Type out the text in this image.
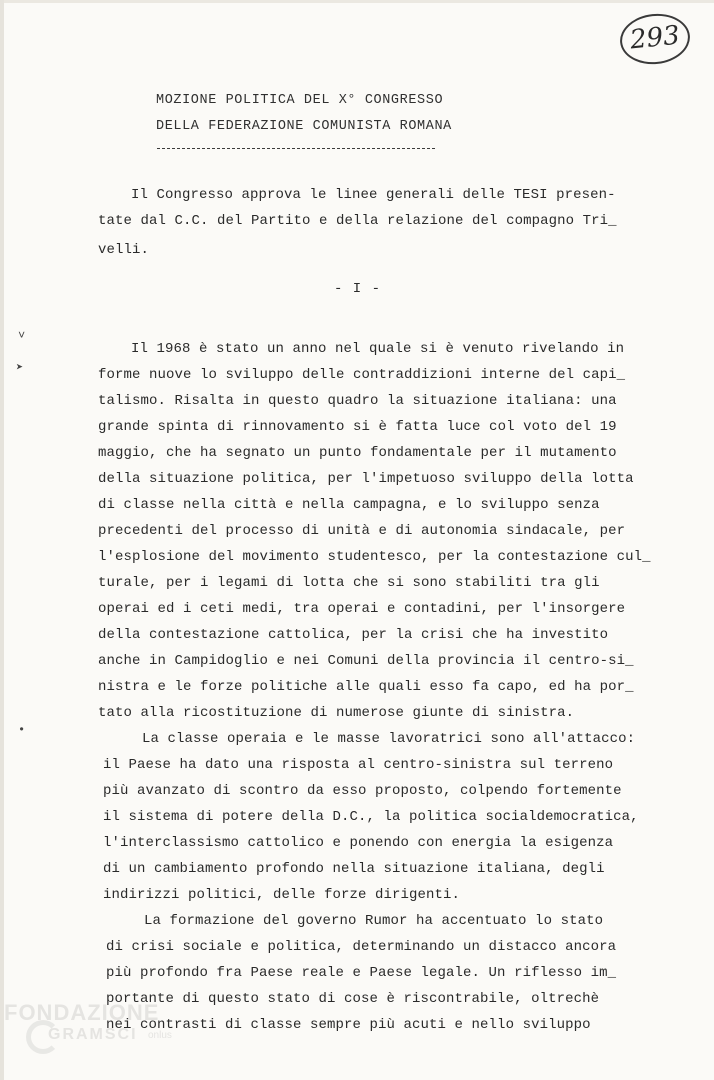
293
MOZIONE POLITICA DEL X° CONGRESSO
DELLA FEDERAZIONE COMUNISTA ROMANA
Il Congresso approva le linee generali delle TESI presen-
tate dal C.C. del Partito e della relazione del compagno Tri_
velli.
- I -
˅
➤
•
Il 1968 è stato un anno nel quale si è venuto rivelando in
forme nuove lo sviluppo delle contraddizioni interne del capi_
talismo. Risalta in questo quadro la situazione italiana: una
grande spinta di rinnovamento si è fatta luce col voto del 19
maggio, che ha segnato un punto fondamentale per il mutamento
della situazione politica, per l'impetuoso sviluppo della lotta
di classe nella città e nella campagna, e lo sviluppo senza
precedenti del processo di unità e di autonomia sindacale, per
l'esplosione del movimento studentesco, per la contestazione cul_
turale, per i legami di lotta che si sono stabiliti tra gli
operai ed i ceti medi, tra operai e contadini, per l'insorgere
della contestazione cattolica, per la crisi che ha investito
anche in Campidoglio e nei Comuni della provincia il centro-si_
nistra e le forze politiche alle quali esso fa capo, ed ha por_
tato alla ricostituzione di numerose giunte di sinistra.
La classe operaia e le masse lavoratrici sono all'attacco:
il Paese ha dato una risposta al centro-sinistra sul terreno
più avanzato di scontro da esso proposto, colpendo fortemente
il sistema di potere della D.C., la politica socialdemocratica,
l'interclassismo cattolico e ponendo con energia la esigenza
di un cambiamento profondo nella situazione italiana, degli
indirizzi politici, delle forze dirigenti.
La formazione del governo Rumor ha accentuato lo stato
di crisi sociale e politica, determinando un distacco ancora
più profondo fra Paese reale e Paese legale. Un riflesso im_
portante di questo stato di cose è riscontrabile, oltrechè
nei contrasti di classe sempre più acuti e nello sviluppo
FONDAZIONE
GRAMSCI onlus
